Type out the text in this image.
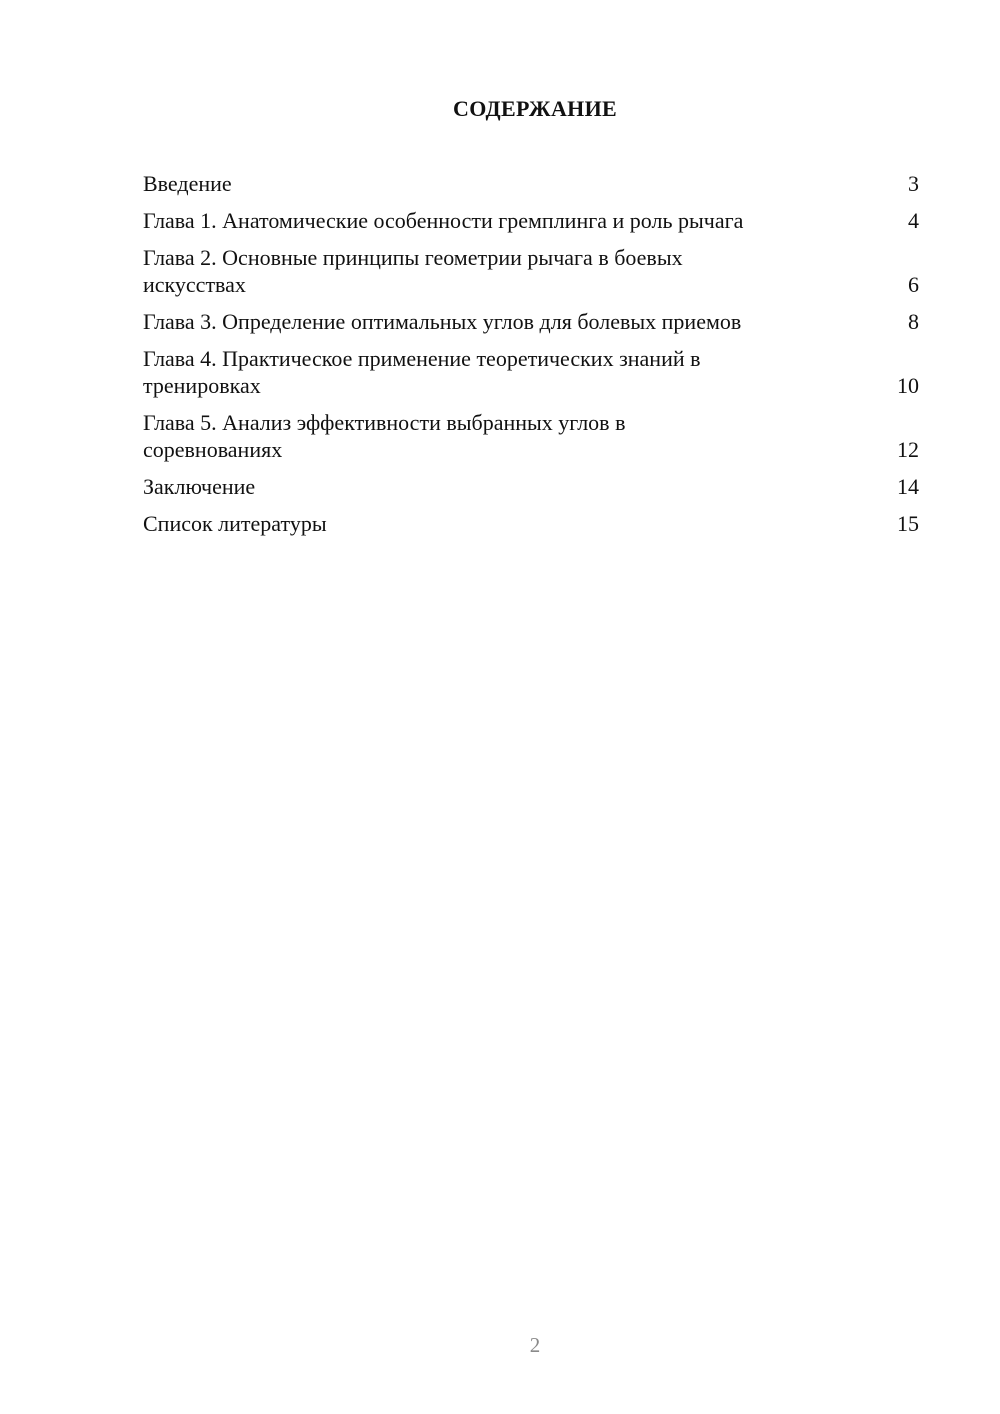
СОДЕРЖАНИЕ
Введение	3
Глава 1. Анатомические особенности гремплинга и роль рычага	4
Глава 2. Основные принципы геометрии рычага в боевых искусствах	6
Глава 3. Определение оптимальных углов для болевых приемов	8
Глава 4. Практическое применение теоретических знаний в тренировках	10
Глава 5. Анализ эффективности выбранных углов в соревнованиях	12
Заключение	14
Список литературы	15
2
